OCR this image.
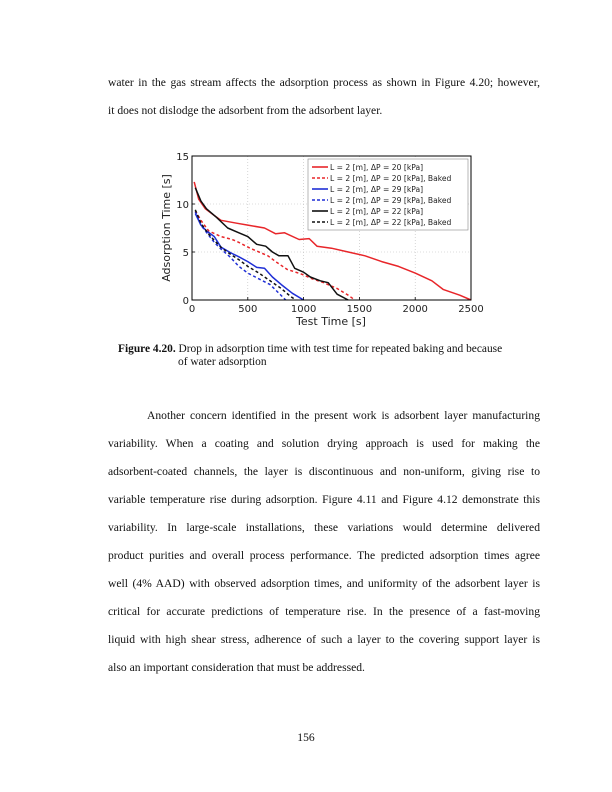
water in the gas stream affects the adsorption process as shown in Figure 4.20; however,
it does not dislodge the adsorbent from the adsorbent layer.
0	500	1000	1500	2000	2500
0
5
10
15
Test Time [s]
Adsorption Time [s]
L = 2 [m], ΔP = 20 [kPa]
L = 2 [m], ΔP = 20 [kPa], Baked
L = 2 [m], ΔP = 29 [kPa]
L = 2 [m], ΔP = 29 [kPa], Baked
L = 2 [m], ΔP = 22 [kPa]
L = 2 [m], ΔP = 22 [kPa], Baked
Figure 4.20. Drop in adsorption time with test time for repeated baking and because
of water adsorption
Another concern identified in the present work is adsorbent layer manufacturing
variability. When a coating and solution drying approach is used for making the
adsorbent-coated channels, the layer is discontinuous and non-uniform, giving rise to
variable temperature rise during adsorption. Figure 4.11 and Figure 4.12 demonstrate this
variability. In large-scale installations, these variations would determine delivered
product purities and overall process performance. The predicted adsorption times agree
well (4% AAD) with observed adsorption times, and uniformity of the adsorbent layer is
critical for accurate predictions of temperature rise. In the presence of a fast-moving
liquid with high shear stress, adherence of such a layer to the covering support layer is
also an important consideration that must be addressed.
156
